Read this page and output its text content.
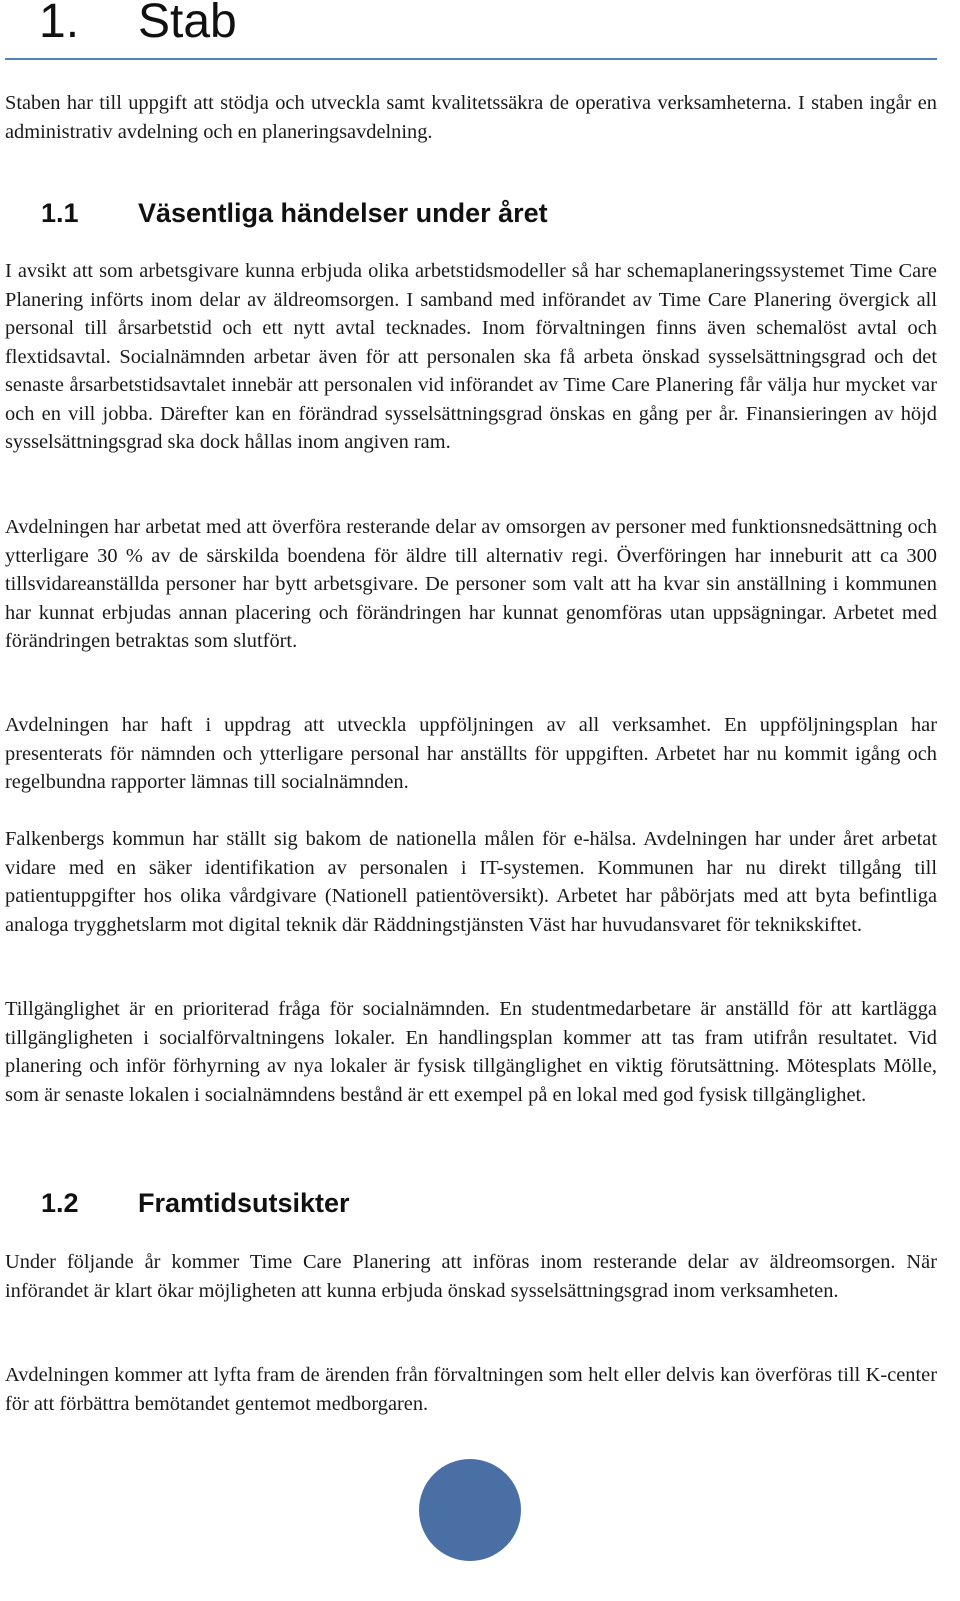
1. Stab

Staben har till uppgift att stödja och utveckla samt kvalitetssäkra de operativa verksamheterna. I staben ingår en administrativ avdelning och en planeringsavdelning.

1.1 Väsentliga händelser under året

I avsikt att som arbetsgivare kunna erbjuda olika arbetstidsmodeller så har schemaplaneringssystemet Time Care Planering införts inom delar av äldreomsorgen. I samband med införandet av Time Care Planering övergick all personal till årsarbetstid och ett nytt avtal tecknades. Inom förvaltningen finns även schemalöst avtal och flextidsavtal. Socialnämnden arbetar även för att personalen ska få arbeta önskad sysselsättningsgrad och det senaste årsarbetstidsavtalet innebär att personalen vid införandet av Time Care Planering får välja hur mycket var och en vill jobba. Därefter kan en förändrad sysselsättningsgrad önskas en gång per år. Finansieringen av höjd sysselsättningsgrad ska dock hållas inom angiven ram.

Avdelningen har arbetat med att överföra resterande delar av omsorgen av personer med funktionsnedsättning och ytterligare 30 % av de särskilda boendena för äldre till alternativ regi. Överföringen har inneburit att ca 300 tillsvidareanställda personer har bytt arbetsgivare. De personer som valt att ha kvar sin anställning i kommunen har kunnat erbjudas annan placering och förändringen har kunnat genomföras utan uppsägningar. Arbetet med förändringen betraktas som slutfört.

Avdelningen har haft i uppdrag att utveckla uppföljningen av all verksamhet. En uppföljningsplan har presenterats för nämnden och ytterligare personal har anställts för uppgiften. Arbetet har nu kommit igång och regelbundna rapporter lämnas till socialnämnden.

Falkenbergs kommun har ställt sig bakom de nationella målen för e-hälsa. Avdelningen har under året arbetat vidare med en säker identifikation av personalen i IT-systemen. Kommunen har nu direkt tillgång till patientuppgifter hos olika vårdgivare (Nationell patientöversikt). Arbetet har påbörjats med att byta befintliga analoga trygghetslarm mot digital teknik där Räddningstjänsten Väst har huvudansvaret för teknikskiftet.

Tillgänglighet är en prioriterad fråga för socialnämnden. En studentmedarbetare är anställd för att kartlägga tillgängligheten i socialförvaltningens lokaler. En handlingsplan kommer att tas fram utifrån resultatet. Vid planering och inför förhyrning av nya lokaler är fysisk tillgänglighet en viktig förutsättning. Mötesplats Mölle, som är senaste lokalen i socialnämndens bestånd är ett exempel på en lokal med god fysisk tillgänglighet.

1.2 Framtidsutsikter

Under följande år kommer Time Care Planering att införas inom resterande delar av äldreomsorgen. När införandet är klart ökar möjligheten att kunna erbjuda önskad sysselsättningsgrad inom verksamheten.

Avdelningen kommer att lyfta fram de ärenden från förvaltningen som helt eller delvis kan överföras till K-center för att förbättra bemötandet gentemot medborgaren.
